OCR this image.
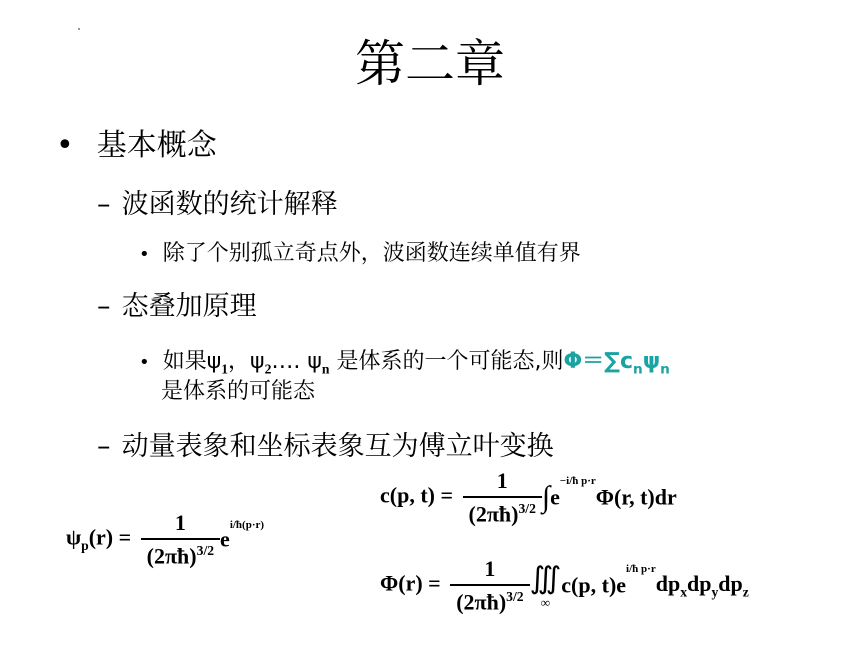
第二章
• 基本概念
– 波函数的统计解释
• 除了个别孤立奇点外，波函数连续单值有界
– 态叠加原理
• 如果$\psi_1$，$\psi_2\dots$. $\psi_n$ 是体系的一个可能态,则$\Phi=\sum c_n\psi_n$
是体系的可能态
– 动量表象和坐标表象互为傅立叶变换
$\psi_p(r) = \frac{1}{(2\pi ħ)^{3/2}} e^{i/ħ(p\cdot r)}$
c(p, $t) = \frac{1}{(2\pi ħ)^{3/2}} \int e^{-i/ħ p\cdot r}\Phi(r$, t)dr
$\Phi(r) = \frac{1}{(2\pi ħ)^{3/2}}$ ∭
∞
c(p, $t)e^{i/ħ p\cdot r}dp_xdp_ydp_z$
